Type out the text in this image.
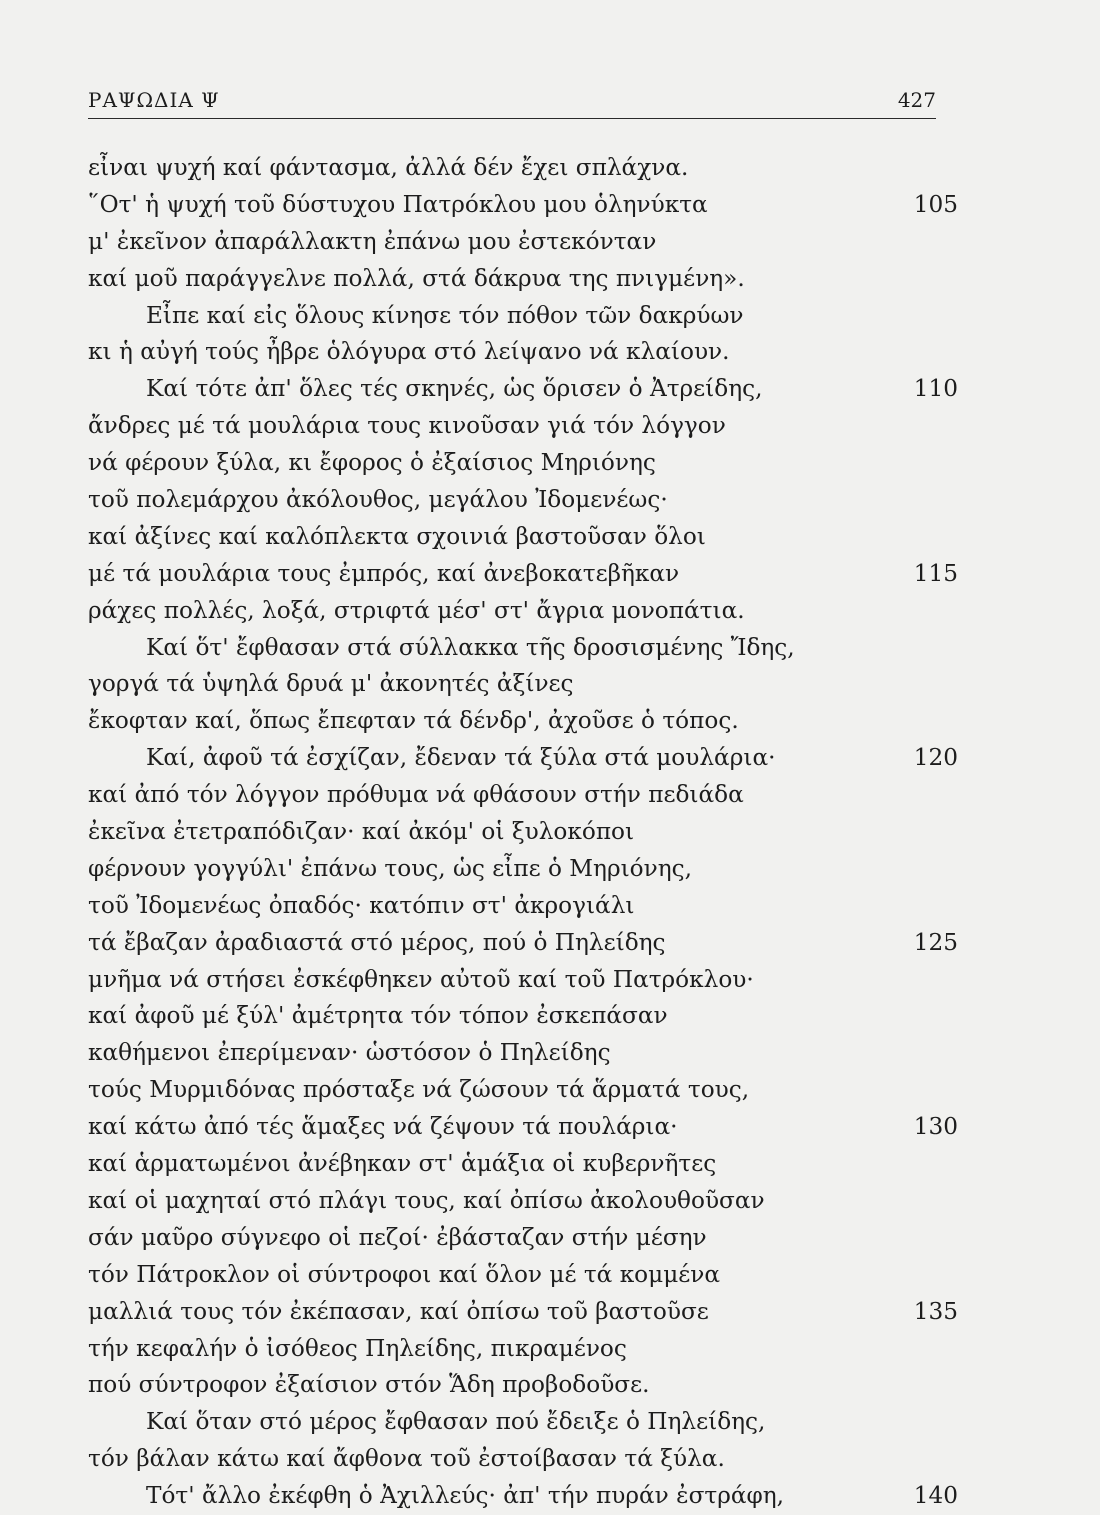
ΡΑΨΩΔΙΑ Ψ	427
εἶναι ψυχή καί φάντασμα, ἀλλά δέν ἔχει σπλάχνα.
῞Οτ' ἡ ψυχή τοῦ δύστυχου Πατρόκλου μου ὁληνύκτα	105
μ' ἐκεῖνον ἀπαράλλακτη ἐπάνω μου ἐστεκόνταν
καί μοῦ παράγγελνε πολλά, στά δάκρυα της πνιγμένη».
Εἶπε καί εἰς ὅλους κίνησε τόν πόθον τῶν δακρύων
κι ἡ αὐγή τούς ἦβρε ὁλόγυρα στό λείψανο νά κλαίουν.
Καί τότε ἀπ' ὅλες τές σκηνές, ὡς ὅρισεν ὁ Ἀτρείδης,	110
ἄνδρες μέ τά μουλάρια τους κινοῦσαν γιά τόν λόγγον
νά φέρουν ξύλα, κι ἔφορος ὁ ἐξαίσιος Μηριόνης
τοῦ πολεμάρχου ἀκόλουθος, μεγάλου Ἰδομενέως·
καί ἀξίνες καί καλόπλεκτα σχοινιά βαστοῦσαν ὅλοι
μέ τά μουλάρια τους ἐμπρός, καί ἀνεβοκατεβῆκαν	115
ράχες πολλές, λοξά, στριφτά μέσ' στ' ἄγρια μονοπάτια.
Καί ὅτ' ἔφθασαν στά σύλλακκα τῆς δροσισμένης Ἴδης,
γοργά τά ὑψηλά δρυά μ' ἀκονητές ἀξίνες
ἔκοφταν καί, ὅπως ἔπεφταν τά δένδρ', ἀχοῦσε ὁ τόπος.
Καί, ἀφοῦ τά ἐσχίζαν, ἔδεναν τά ξύλα στά μουλάρια·	120
καί ἀπό τόν λόγγον πρόθυμα νά φθάσουν στήν πεδιάδα
ἐκεῖνα ἐτετραπόδιζαν· καί ἀκόμ' οἱ ξυλοκόποι
φέρνουν γογγύλι' ἐπάνω τους, ὡς εἶπε ὁ Μηριόνης,
τοῦ Ἰδομενέως ὀπαδός· κατόπιν στ' ἀκρογιάλι
τά ἔβαζαν ἀραδιαστά στό μέρος, πού ὁ Πηλείδης	125
μνῆμα νά στήσει ἐσκέφθηκεν αὐτοῦ καί τοῦ Πατρόκλου·
καί ἀφοῦ μέ ξύλ' ἀμέτρητα τόν τόπον ἐσκεπάσαν
καθήμενοι ἐπερίμεναν· ὡστόσον ὁ Πηλείδης
τούς Μυρμιδόνας πρόσταξε νά ζώσουν τά ἅρματά τους,
καί κάτω ἀπό τές ἅμαξες νά ζέψουν τά πουλάρια·	130
καί ἁρματωμένοι ἀνέβηκαν στ' ἁμάξια οἱ κυβερνῆτες
καί οἱ μαχηταί στό πλάγι τους, καί ὀπίσω ἀκολουθοῦσαν
σάν μαῦρο σύγνεφο οἱ πεζοί· ἐβάσταζαν στήν μέσην
τόν Πάτροκλον οἱ σύντροφοι καί ὅλον μέ τά κομμένα
μαλλιά τους τόν ἐκέπασαν, καί ὀπίσω τοῦ βαστοῦσε	135
τήν κεφαλήν ὁ ἰσόθεος Πηλείδης, πικραμένος
πού σύντροφον ἐξαίσιον στόν Ἅδη προβοδοῦσε.
Καί ὅταν στό μέρος ἔφθασαν πού ἔδειξε ὁ Πηλείδης,
τόν βάλαν κάτω καί ἄφθονα τοῦ ἐστοίβασαν τά ξύλα.
Τότ' ἄλλο ἐκέφθη ὁ Ἀχιλλεύς· ἀπ' τήν πυράν ἐστράφη,	140
